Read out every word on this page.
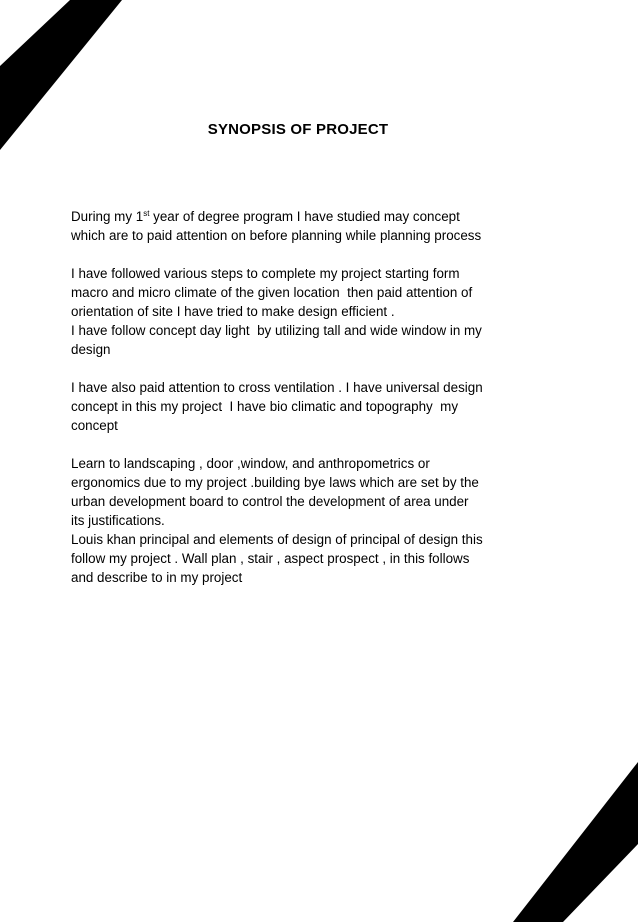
SYNOPSIS OF PROJECT

During my 1st year of degree program I have studied may concept
which are to paid attention on before planning while planning process

I have followed various steps to complete my project starting form
macro and micro climate of the given location  then paid attention of
orientation of site I have tried to make design efficient .
I have follow concept day light  by utilizing tall and wide window in my
design

I have also paid attention to cross ventilation . I have universal design
concept in this my project  I have bio climatic and topography  my
concept

Learn to landscaping , door ,window, and anthropometrics or
ergonomics due to my project .building bye laws which are set by the
urban development board to control the development of area under
its justifications.
Louis khan principal and elements of design of principal of design this
follow my project . Wall plan , stair , aspect prospect , in this follows
and describe to in my project
